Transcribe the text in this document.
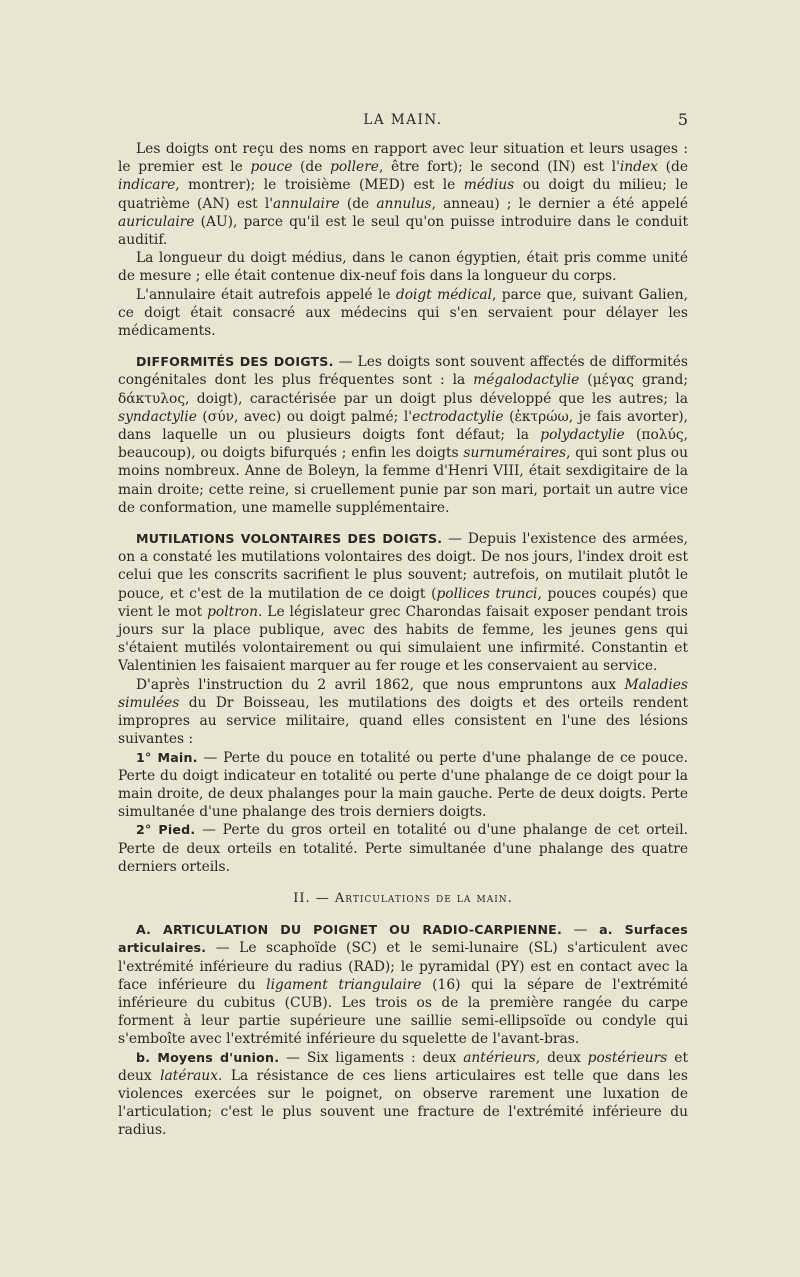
LA MAIN.	5

Les doigts ont reçu des noms en rapport avec leur situation et leurs usages : le premier est le pouce (de pollere, être fort); le second (IN) est l'index (de indicare, montrer); le troisième (MED) est le médius ou doigt du milieu; le quatrième (AN) est l'annulaire (de annulus, anneau) ; le dernier a été appelé auriculaire (AU), parce qu'il est le seul qu'on puisse introduire dans le conduit auditif.

La longueur du doigt médius, dans le canon égyptien, était pris comme unité de mesure ; elle était contenue dix-neuf fois dans la longueur du corps.

L'annulaire était autrefois appelé le doigt médical, parce que, suivant Galien, ce doigt était consacré aux médecins qui s'en servaient pour délayer les médicaments.

DIFFORMITÉS DES DOIGTS. — Les doigts sont souvent affectés de difformités congénitales dont les plus fréquentes sont : la mégalodactylie (μέγας grand; δάκτυλος, doigt), caractérisée par un doigt plus développé que les autres; la syndactylie (σύν, avec) ou doigt palmé; l'ectrodactylie (ἐκτρώω, je fais avorter), dans laquelle un ou plusieurs doigts font défaut; la polydactylie (πολύς, beaucoup), ou doigts bifurqués ; enfin les doigts surnuméraires, qui sont plus ou moins nombreux. Anne de Boleyn, la femme d'Henri VIII, était sexdigitaire de la main droite; cette reine, si cruellement punie par son mari, portait un autre vice de conformation, une mamelle supplémentaire.

MUTILATIONS VOLONTAIRES DES DOIGTS. — Depuis l'existence des armées, on a constaté les mutilations volontaires des doigt. De nos jours, l'index droit est celui que les conscrits sacrifient le plus souvent; autrefois, on mutilait plutôt le pouce, et c'est de la mutilation de ce doigt (pollices trunci, pouces coupés) que vient le mot poltron. Le législateur grec Charondas faisait exposer pendant trois jours sur la place publique, avec des habits de femme, les jeunes gens qui s'étaient mutilés volontairement ou qui simulaient une infirmité. Constantin et Valentinien les faisaient marquer au fer rouge et les conservaient au service.

D'après l'instruction du 2 avril 1862, que nous empruntons aux Maladies simulées du Dr Boisseau, les mutilations des doigts et des orteils rendent impropres au service militaire, quand elles consistent en l'une des lésions suivantes :

1° Main. — Perte du pouce en totalité ou perte d'une phalange de ce pouce. Perte du doigt indicateur en totalité ou perte d'une phalange de ce doigt pour la main droite, de deux phalanges pour la main gauche. Perte de deux doigts. Perte simultanée d'une phalange des trois derniers doigts.

2° Pied. — Perte du gros orteil en totalité ou d'une phalange de cet orteil. Perte de deux orteils en totalité. Perte simultanée d'une phalange des quatre derniers orteils.

II. — Articulations de la main.

A. ARTICULATION DU POIGNET OU RADIO-CARPIENNE. — a. Surfaces articulaires. — Le scaphoïde (SC) et le semi-lunaire (SL) s'articulent avec l'extrémité inférieure du radius (RAD); le pyramidal (PY) est en contact avec la face inférieure du ligament triangulaire (16) qui la sépare de l'extrémité inférieure du cubitus (CUB). Les trois os de la première rangée du carpe forment à leur partie supérieure une saillie semi-ellipsoïde ou condyle qui s'emboîte avec l'extrémité inférieure du squelette de l'avant-bras.

b. Moyens d'union. — Six ligaments : deux antérieurs, deux postérieurs et deux latéraux. La résistance de ces liens articulaires est telle que dans les violences exercées sur le poignet, on observe rarement une luxation de l'articulation; c'est le plus souvent une fracture de l'extrémité inférieure du radius.
